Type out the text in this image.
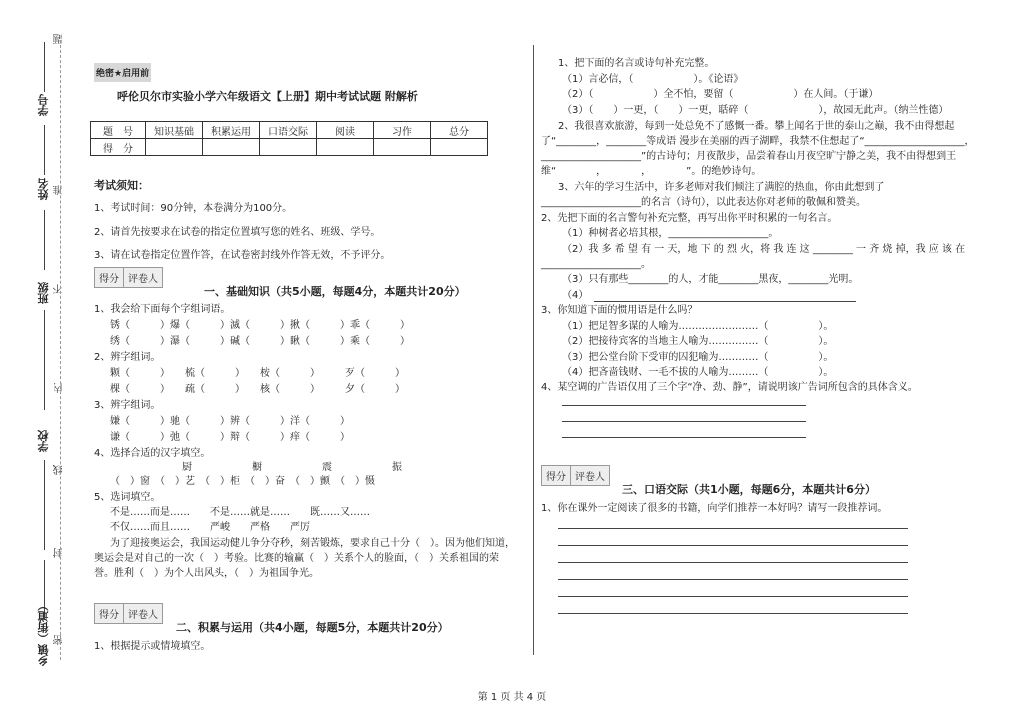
题
学号
准
姓名
班级 不
内
学校
线
封
乡镇（街道） 密
绝密★启用前
呼伦贝尔市实验小学六年级语文【上册】期中考试试题 附解析
题　号	知识基础	积累运用	口语交际	阅读	习作	总分
得　分						
考试须知：
1、考试时间：90分钟，本卷满分为100分。
2、请首先按要求在试卷的指定位置填写您的姓名、班级、学号。
3、请在试卷指定位置作答，在试卷密封线外作答无效，不予评分。
得分 评卷人
一、基础知识（共5小题，每题4分，本题共计20分）
1、我会给下面每个字组词语。
锈（　　　）爆（　　　）滅（　　　）揪（　　　）乖（　　　）
绣（　　　）瀑（　　　）碱（　　　）瞅（　　　）乘（　　　）
2、辨字组词。
颗（　　　）　　梳（　　　）　　桉（　　　）　　　歹（　　　）
棵（　　　）　　疏（　　　）　　核（　　　）　　　夕（　　　）
3、辨字组词。
嫌（　　　）驰（　　　）辨（　　　）洋（　　　）
谦（　　　）弛（　　　）辩（　　　）痒（　　　）
4、选择合适的汉字填空。
厨　　　　　　橱　　　　　　震　　　　　　振
（　）窗　（　）艺　（　）柜　（　）奋　（　）颤　（　）慑
5、选词填空。
不是……而是……　　不是……就是……　　既……又……
不仅……而且……　　严峻　　严格　　严厉
为了迎接奥运会，我国运动健儿争分夺秒，刻苦锻炼，要求自己十分（　）。因为他们知道，
奥运会是对自己的一次（　）考验。比赛的输赢（　）关系个人的脸面，（　）关系祖国的荣
誉。胜利（　）为个人出风头，（　）为祖国争光。
得分 评卷人
二、积累与运用（共4小题，每题5分，本题共计20分）
1、根据提示或情境填空。
1、把下面的名言或诗句补充完整。
（1）言必信，（　　　　　　）。《论语》
（2）（　　　　　　）全不怕，要留（　　　　　　）在人间。（于谦）
（3）（　　）一更，（　　）一更，聒碎（　　　　　　　），故园无此声。（纳兰性德）
2、我很喜欢旅游，每到一处总免不了感慨一番。攀上闻名于世的泰山之巅，我不由得想起
了“________，________等成语 漫步在美丽的西子湖畔，我禁不住想起了“____________________，
____________________”的古诗句；月夜散步，品尝着春山月夜空旷宁静之美，我不由得想到王
维“　　　　，　　　　，　　　　”。的绝妙诗句。
3、六年的学习生活中，许多老师对我们倾注了满腔的热血，你由此想到了
____________________的名言（诗句），以此表达你对老师的敬佩和赞美。
2、先把下面的名言警句补充完整，再写出你平时积累的一句名言。
（1）种树者必培其根，____________________。
（2）我 多 希 望 有 一 天，地 下 的 烈 火，将 我 连 这 ________ 一 齐 烧 掉，我 应 该 在
____________________。
（3）只有那些________的人，才能________黑夜，________光明。
（4）
3、你知道下面的惯用语是什么吗？
（1）把足智多谋的人喻为……………………（　　　　　）。
（2）把接待宾客的当地主人喻为……………（　　　　　）。
（3）把公堂台阶下受审的囚犯喻为…………（　　　　　）。
（4）把吝啬钱财、一毛不拔的人喻为………（　　　　　）。
4、某空调的广告语仅用了三个字“净、劲、静”，请说明该广告词所包含的具体含义。
得分 评卷人
三、口语交际（共1小题，每题6分，本题共计6分）
1、你在课外一定阅读了很多的书籍，向学们推荐一本好吗？请写一段推荐词。
第 1 页 共 4 页
